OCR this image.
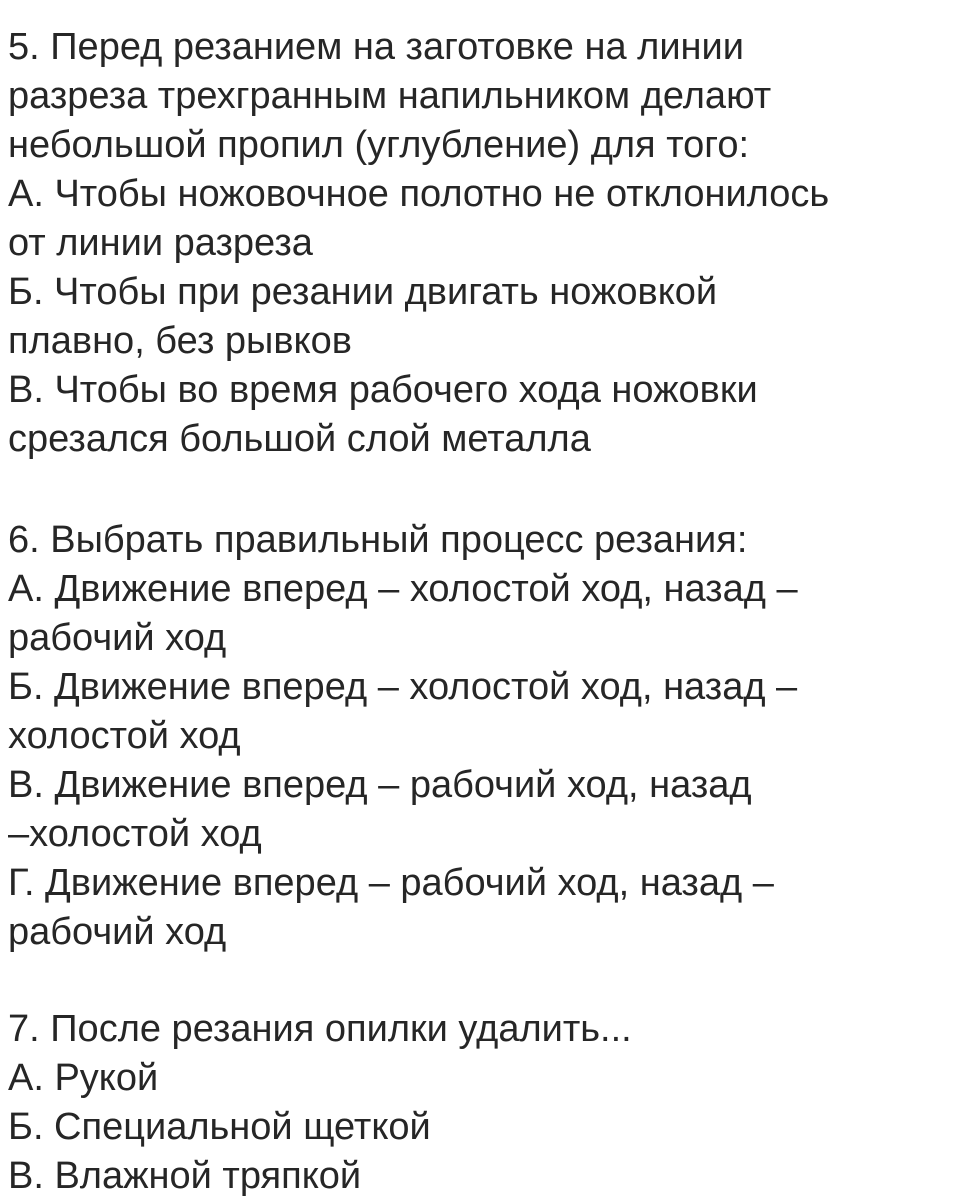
5. Перед резанием на заготовке на линии
разреза трехгранным напильником делают
небольшой пропил (углубление) для того:
А. Чтобы ножовочное полотно не отклонилось
от линии разреза
Б. Чтобы при резании двигать ножовкой
плавно, без рывков
В. Чтобы во время рабочего хода ножовки
срезался большой слой металла
6. Выбрать правильный процесс резания:
А. Движение вперед – холостой ход, назад –
рабочий ход
Б. Движение вперед – холостой ход, назад –
холостой ход
В. Движение вперед – рабочий ход, назад
–холостой ход
Г. Движение вперед – рабочий ход, назад –
рабочий ход
7. После резания опилки удалить...
А. Рукой
Б. Специальной щеткой
В. Влажной тряпкой
